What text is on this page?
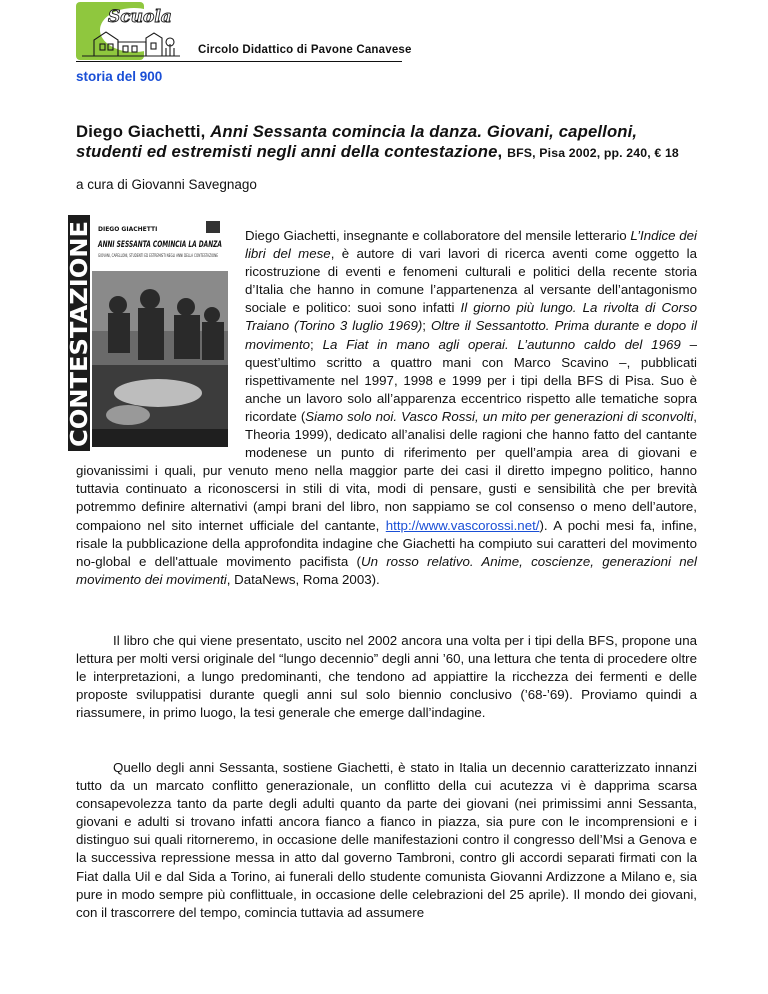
Scuola
Circolo Didattico di Pavone Canavese
storia del 900
Diego Giachetti, Anni Sessanta comincia la danza. Giovani, capelloni,
studenti ed estremisti negli anni della contestazione, BFS, Pisa 2002, pp. 240, € 18
a cura di Giovanni Savegnago
CONTESTAZIONE
DIEGO GIACHETTI
ANNI SESSANTA COMINCIA LA DANZA
GIOVANI, CAPELLONI, STUDENTI ED ESTREMISTI NEGLI ANNI DELLA CONTESTAZIONE

Diego Giachetti, insegnante e collaboratore del mensile letterario L’Indice dei libri del mese, è autore di vari lavori di ricerca aventi come oggetto la ricostruzione di eventi e fenomeni culturali e politici della recente storia d’Italia che hanno in comune l’appartenenza al versante dell’antagonismo sociale e politico: suoi sono infatti Il giorno più lungo. La rivolta di Corso Traiano (Torino 3 luglio 1969); Oltre il Sessantotto. Prima durante e dopo il movimento; La Fiat in mano agli operai. L’autunno caldo del 1969 – quest’ultimo scritto a quattro mani con Marco Scavino –, pubblicati rispettivamente nel 1997, 1998 e 1999 per i tipi della BFS di Pisa. Suo è anche un lavoro solo all’apparenza eccentrico rispetto alle tematiche sopra ricordate (Siamo solo noi. Vasco Rossi, un mito per generazioni di sconvolti, Theoria 1999), dedicato all’analisi delle ragioni che hanno fatto del cantante modenese un punto di riferimento per quell’ampia area di giovani e giovanissimi i quali, pur venuto meno nella maggior parte dei casi il diretto impegno politico, hanno tuttavia continuato a riconoscersi in stili di vita, modi di pensare, gusti e sensibilità che per brevità potremmo definire alternativi (ampi brani del libro, non sappiamo se col consenso o meno dell’autore, compaiono nel sito internet ufficiale del cantante, http://www.vascorossi.net/). A pochi mesi fa, infine, risale la pubblicazione della approfondita indagine che Giachetti ha compiuto sui caratteri del movimento no-global e dell'attuale movimento pacifista (Un rosso relativo. Anime, coscienze, generazioni nel movimento dei movimenti, DataNews, Roma 2003).

Il libro che qui viene presentato, uscito nel 2002 ancora una volta per i tipi della BFS, propone una lettura per molti versi originale del “lungo decennio” degli anni ’60, una lettura che tenta di procedere oltre le interpretazioni, a lungo predominanti, che tendono ad appiattire la ricchezza dei fermenti e delle proposte sviluppatisi durante quegli anni sul solo biennio conclusivo (’68-’69). Proviamo quindi a riassumere, in primo luogo, la tesi generale che emerge dall’indagine.

Quello degli anni Sessanta, sostiene Giachetti, è stato in Italia un decennio caratterizzato innanzi tutto da un marcato conflitto generazionale, un conflitto della cui acutezza vi è dapprima scarsa consapevolezza tanto da parte degli adulti quanto da parte dei giovani (nei primissimi anni Sessanta, giovani e adulti si trovano infatti ancora fianco a fianco in piazza, sia pure con le incomprensioni e i distinguo sui quali ritorneremo, in occasione delle manifestazioni contro il congresso dell’Msi a Genova e la successiva repressione messa in atto dal governo Tambroni, contro gli accordi separati firmati con la Fiat dalla Uil e dal Sida a Torino, ai funerali dello studente comunista Giovanni Ardizzone a Milano e, sia pure in modo sempre più conflittuale, in occasione delle celebrazioni del 25 aprile). Il mondo dei giovani, con il trascorrere del tempo, comincia tuttavia ad assumere
